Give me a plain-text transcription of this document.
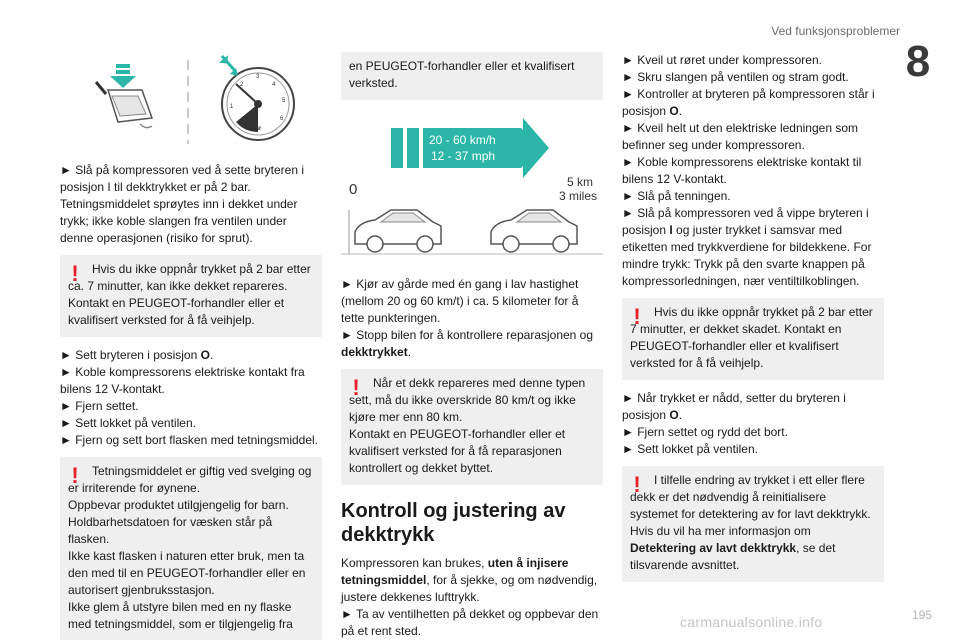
Ved funksjonsproblemer
8
1
2
3
4
5
6
bar

► Slå på kompressoren ved å sette bryteren i posisjon I til dekktrykket er på 2 bar. Tetningsmiddelet sprøytes inn i dekket under trykk; ikke koble slangen fra ventilen under denne operasjonen (risiko for sprut).

!	Hvis du ikke oppnår trykket på 2 bar etter ca. 7 minutter, kan ikke dekket repareres. Kontakt en PEUGEOT-forhandler eller et kvalifisert verksted for å få veihjelp.

► Sett bryteren i posisjon O.

► Koble kompressorens elektriske kontakt fra bilens 12 V-kontakt.

► Fjern settet.

► Sett lokket på ventilen.

► Fjern og sett bort flasken med tetningsmiddel.

!	Tetningsmiddelet er giftig ved svelging og er irriterende for øynene.

Oppbevar produktet utilgjengelig for barn.

Holdbarhetsdatoen for væsken står på flasken.

Ikke kast flasken i naturen etter bruk, men ta den med til en PEUGEOT-forhandler eller en autorisert gjenbruksstasjon.

Ikke glem å utstyre bilen med en ny flaske med tetningsmiddel, som er tilgjengelig fra

en PEUGEOT-forhandler eller et kvalifisert verksted.

20 - 60 km/h
12 - 37 mph
0	5 km
3 miles

► Kjør av gårde med én gang i lav hastighet (mellom 20 og 60 km/t) i ca. 5 kilometer for å tette punkteringen.

► Stopp bilen for å kontrollere reparasjonen og dekktrykket.

!	Når et dekk repareres med denne typen sett, må du ikke overskride 80 km/t og ikke kjøre mer enn 80 km.

Kontakt en PEUGEOT-forhandler eller et kvalifisert verksted for å få reparasjonen kontrollert og dekket byttet.

Kontroll og justering av dekktrykk

Kompressoren kan brukes, uten å injisere tetningsmiddel, for å sjekke, og om nødvendig, justere dekkenes lufttrykk.

► Ta av ventilhetten på dekket og oppbevar den på et rent sted.

► Kveil ut røret under kompressoren.

► Skru slangen på ventilen og stram godt.

► Kontroller at bryteren på kompressoren står i posisjon O.

► Kveil helt ut den elektriske ledningen som befinner seg under kompressoren.

► Koble kompressorens elektriske kontakt til bilens 12 V-kontakt.

► Slå på tenningen.

► Slå på kompressoren ved å vippe bryteren i posisjon I og juster trykket i samsvar med etiketten med trykkverdiene for bildekkene. For mindre trykk: Trykk på den svarte knappen på kompressorledningen, nær ventiltilkoblingen.

!	Hvis du ikke oppnår trykket på 2 bar etter 7 minutter, er dekket skadet. Kontakt en PEUGEOT-forhandler eller et kvalifisert verksted for å få veihjelp.

► Når trykket er nådd, setter du bryteren i posisjon O.

► Fjern settet og rydd det bort.

► Sett lokket på ventilen.

!	I tilfelle endring av trykket i ett eller flere dekk er det nødvendig å reinitialisere systemet for detektering av for lavt dekktrykk.

Hvis du vil ha mer informasjon om Detektering av lavt dekktrykk, se det tilsvarende avsnittet.

195
carmanualsonline.info
